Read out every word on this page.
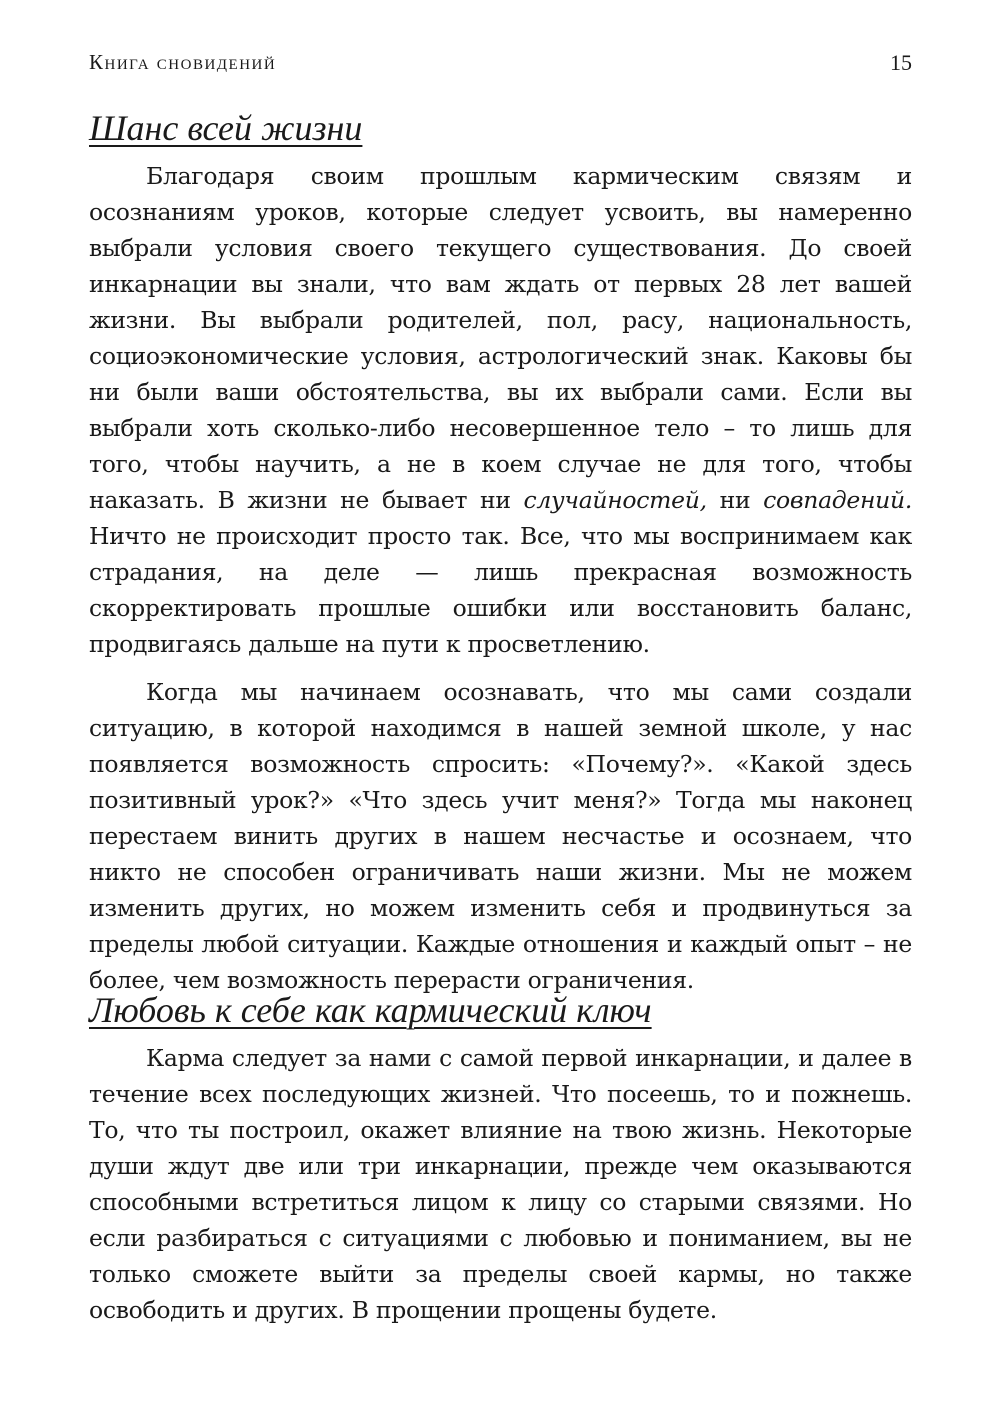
Книга сновидений	15
Шанс всей жизни

Благодаря своим прошлым кармическим связям и осознаниям уроков, которые следует усвоить, вы намеренно выбрали условия своего текущего существования. До своей инкарнации вы знали, что вам ждать от первых 28 лет вашей жизни. Вы выбрали родителей, пол, расу, национальность, социоэкономические условия, астрологический знак. Каковы бы ни были ваши обстоятельства, вы их выбрали сами. Если вы выбрали хоть сколько-либо несовершенное тело – то лишь для того, чтобы научить, а не в коем случае не для того, чтобы наказать. В жизни не бывает ни случайностей, ни совпадений. Ничто не происходит просто так. Все, что мы воспринимаем как страдания, на деле — лишь прекрасная возможность скорректировать прошлые ошибки или восстановить баланс, продвигаясь дальше на пути к просветлению.

Когда мы начинаем осознавать, что мы сами создали ситуацию, в которой находимся в нашей земной школе, у нас появляется возможность спросить: «Почему?». «Какой здесь позитивный урок?» «Что здесь учит меня?» Тогда мы наконец перестаем винить других в нашем несчастье и осознаем, что никто не способен ограничивать наши жизни. Мы не можем изменить других, но можем изменить себя и продвинуться за пределы любой ситуации. Каждые отношения и каждый опыт – не более, чем возможность перерасти ограничения.

Любовь к себе как кармический ключ

Карма следует за нами с самой первой инкарнации, и далее в течение всех последующих жизней. Что посеешь, то и пожнешь. То, что ты построил, окажет влияние на твою жизнь. Некоторые души ждут две или три инкарнации, прежде чем оказываются способными встретиться лицом к лицу со старыми связями. Но если разбираться с ситуациями с любовью и пониманием, вы не только сможете выйти за пределы своей кармы, но также освободить и других. В прощении прощены будете.
